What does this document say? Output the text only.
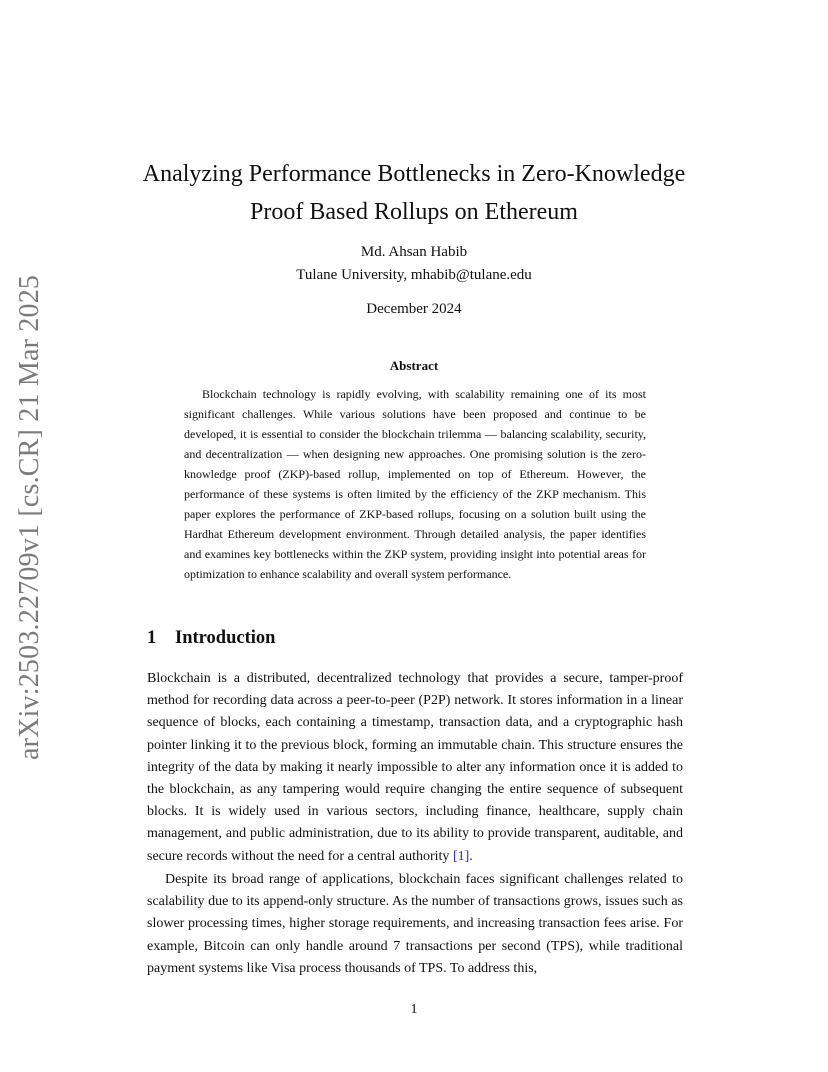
arXiv:2503.22709v1 [cs.CR] 21 Mar 2025
Analyzing Performance Bottlenecks in Zero-Knowledge Proof Based Rollups on Ethereum
Md. Ahsan Habib
Tulane University, mhabib@tulane.edu
December 2024
Abstract
Blockchain technology is rapidly evolving, with scalability remaining one of its most significant challenges. While various solutions have been proposed and continue to be developed, it is essential to consider the blockchain trilemma — balancing scalability, security, and decentralization — when designing new approaches. One promising solution is the zero-knowledge proof (ZKP)-based rollup, implemented on top of Ethereum. However, the performance of these systems is often limited by the efficiency of the ZKP mechanism. This paper explores the performance of ZKP-based rollups, focusing on a solution built using the Hardhat Ethereum development environment. Through detailed analysis, the paper identifies and examines key bottlenecks within the ZKP system, providing insight into potential areas for optimization to enhance scalability and overall system performance.
1 Introduction
Blockchain is a distributed, decentralized technology that provides a secure, tamper-proof method for recording data across a peer-to-peer (P2P) network. It stores information in a linear sequence of blocks, each containing a timestamp, transaction data, and a cryptographic hash pointer linking it to the previous block, forming an immutable chain. This structure ensures the integrity of the data by making it nearly impossible to alter any information once it is added to the blockchain, as any tampering would require changing the entire sequence of subsequent blocks. It is widely used in various sectors, including finance, healthcare, supply chain management, and public administration, due to its ability to provide transparent, auditable, and secure records without the need for a central authority [1].
Despite its broad range of applications, blockchain faces significant challenges related to scalability due to its append-only structure. As the number of transactions grows, issues such as slower processing times, higher storage requirements, and increasing transaction fees arise. For example, Bitcoin can only handle around 7 transactions per second (TPS), while traditional payment systems like Visa process thousands of TPS. To address this,
1
